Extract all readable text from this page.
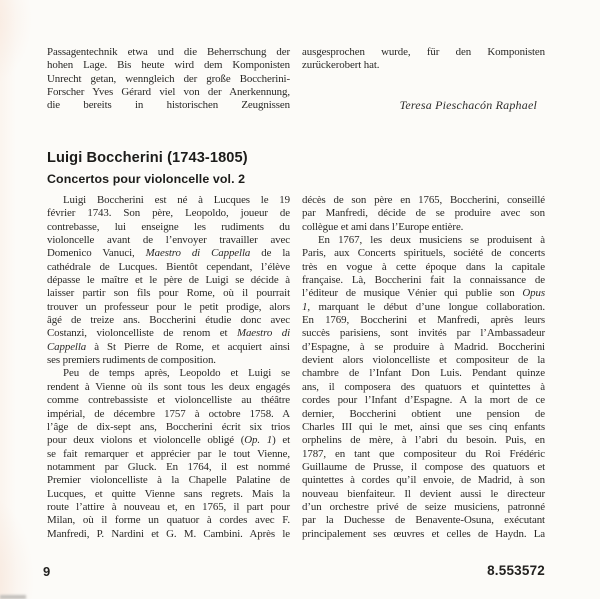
Passagentechnik etwa und die Beherrschung der
hohen Lage. Bis heute wird dem Komponisten
Unrecht getan, wenngleich der große Boccherini-
Forscher Yves Gérard viel von der Anerkennung,
die bereits in historischen Zeugnissen
ausgesprochen wurde, für den Komponisten
zurückerobert hat.
Teresa Pieschacón Raphael
Luigi Boccherini (1743-1805)
Concertos pour violoncelle vol. 2
Luigi Boccherini est né à Lucques le 19
février 1743. Son père, Leopoldo, joueur de
contrebasse, lui enseigne les rudiments du
violoncelle avant de l’envoyer travailler avec
Domenico Vanuci, Maestro di Cappella de la
cathédrale de Lucques. Bientôt cependant, l’élève
dépasse le maître et le père de Luigi se décide à
laisser partir son fils pour Rome, où il pourrait
trouver un professeur pour le petit prodige, alors
âgé de treize ans. Boccherini étudie donc avec
Costanzi, violoncelliste de renom et Maestro di
Cappella à St Pierre de Rome, et acquiert ainsi
ses premiers rudiments de composition.
Peu de temps après, Leopoldo et Luigi se
rendent à Vienne où ils sont tous les deux engagés
comme contrebassiste et violoncelliste au théâtre
impérial, de décembre 1757 à octobre 1758. A
l’âge de dix-sept ans, Boccherini écrit six trios
pour deux violons et violoncelle obligé (Op. 1) et
se fait remarquer et apprécier par le tout Vienne,
notamment par Gluck. En 1764, il est nommé
Premier violoncelliste à la Chapelle Palatine de
Lucques, et quitte Vienne sans regrets. Mais la
route l’attire à nouveau et, en 1765, il part pour
Milan, où il forme un quatuor à cordes avec F.
Manfredi, P. Nardini et G. M. Cambini. Après le
décès de son père en 1765, Boccherini, conseillé
par Manfredi, décide de se produire avec son
collègue et ami dans l’Europe entière.
En 1767, les deux musiciens se produisent à
Paris, aux Concerts spirituels, société de concerts
très en vogue à cette époque dans la capitale
française. Là, Boccherini fait la connaissance de
l’éditeur de musique Vénier qui publie son Opus
1, marquant le début d’une longue collaboration.
En 1769, Boccherini et Manfredi, après leurs
succès parisiens, sont invités par l’Ambassadeur
d’Espagne, à se produire à Madrid. Boccherini
devient alors violoncelliste et compositeur de la
chambre de l’Infant Don Luis. Pendant quinze
ans, il composera des quatuors et quintettes à
cordes pour l’Infant d’Espagne. A la mort de ce
dernier, Boccherini obtient une pension de
Charles III qui le met, ainsi que ses cinq enfants
orphelins de mère, à l’abri du besoin. Puis, en
1787, en tant que compositeur du Roi Frédéric
Guillaume de Prusse, il compose des quatuors et
quintettes à cordes qu’il envoie, de Madrid, à son
nouveau bienfaiteur. Il devient aussi le directeur
d’un orchestre privé de seize musiciens, patronné
par la Duchesse de Benavente-Osuna, exécutant
principalement ses œuvres et celles de Haydn. La
9	8.553572
